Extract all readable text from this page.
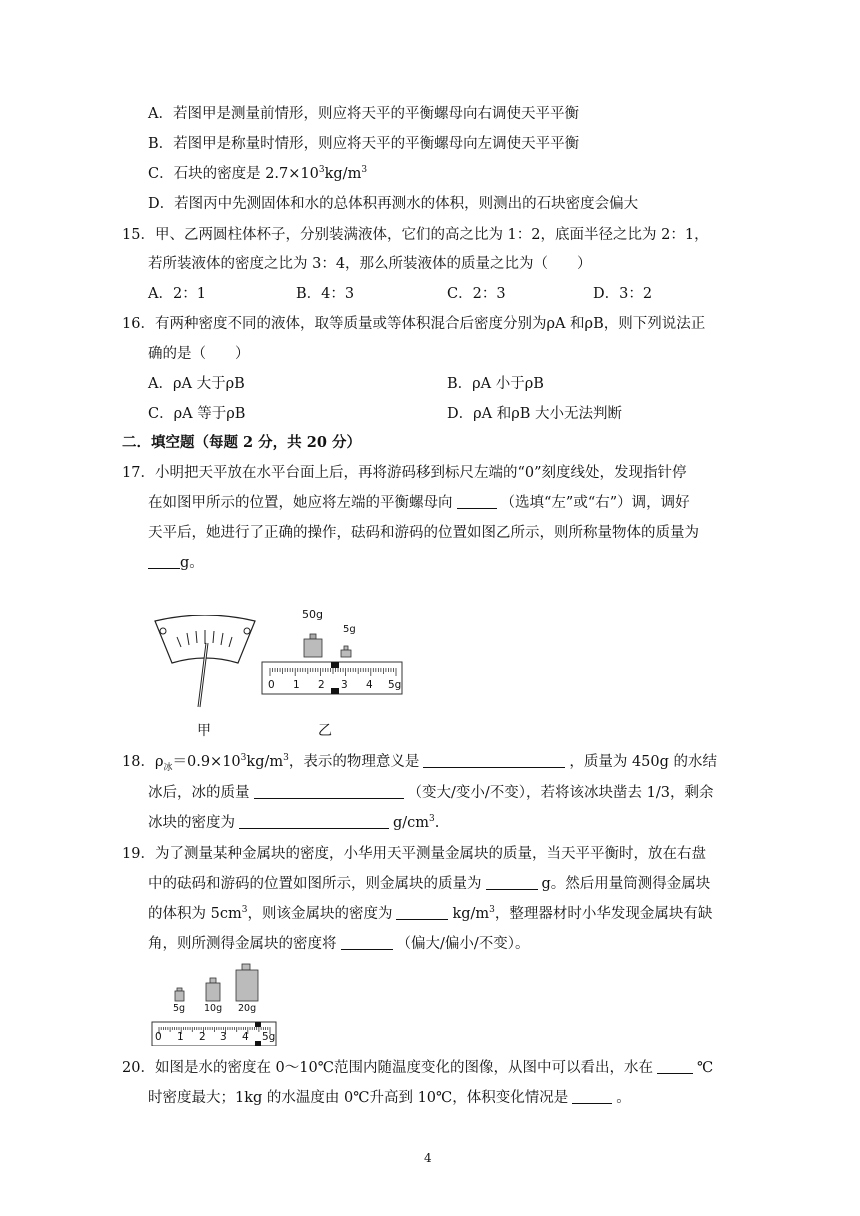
A．若图甲是测量前情形，则应将天平的平衡螺母向右调使天平平衡
B．若图甲是称量时情形，则应将天平的平衡螺母向左调使天平平衡
C．石块的密度是 $2.7\times 10^3kg/m^3$
D．若图丙中先测固体和水的总体积再测水的体积，则测出的石块密度会偏大
15．甲、乙两圆柱体杯子，分别装满液体，它们的高之比为 1：2，底面半径之比为 2：1，
若所装液体的密度之比为 3：4，那么所装液体的质量之比为（　　）
A．2：1	B．4：3	C．2：3	D．3：2
16．有两种密度不同的液体，取等质量或等体积混合后密度分别为ρA 和ρB，则下列说法正
确的是（　　）
A．ρA 大于ρB	B．ρA 小于ρB
C．ρA 等于ρB	D．ρA 和ρB 大小无法判断
二．填空题（每题 2 分，共 20 分）
17．小明把天平放在水平台面上后，再将游码移到标尺左端的“0”刻度线处，发现指针停
在如图甲所示的位置，她应将左端的平衡螺母向	（选填“左”或“右”）调，调好
天平后，她进行了正确的操作，砝码和游码的位置如图乙所示，则所称量物体的质量为
g。
甲
50g
5g
0 1 2 3 4 5g
乙
18．$\rho_冰=0.9\times 10^3kg/m^3$，表示的物理意义是	，质量为 450g 的水结
冰后，冰的质量	（变大/变小/不变），若将该冰块凿去 1/3，剩余
冰块的密度为	$g/cm^3$.
19．为了测量某种金属块的密度，小华用天平测量金属块的质量，当天平平衡时，放在右盘
中的砝码和游码的位置如图所示，则金属块的质量为	g。然后用量筒测得金属块
的体积为 $5cm^3$，则该金属块的密度为	$kg/m^3$，整理器材时小华发现金属块有缺
角，则所测得金属块的密度将	（偏大/偏小/不变）。
5g 10g 20g
0 1 2 3 4 5g
20．如图是水的密度在 0～10℃范围内随温度变化的图像，从图中可以看出，水在	℃
时密度最大；1kg 的水温度由 0℃升高到 10℃，体积变化情况是	。
4
